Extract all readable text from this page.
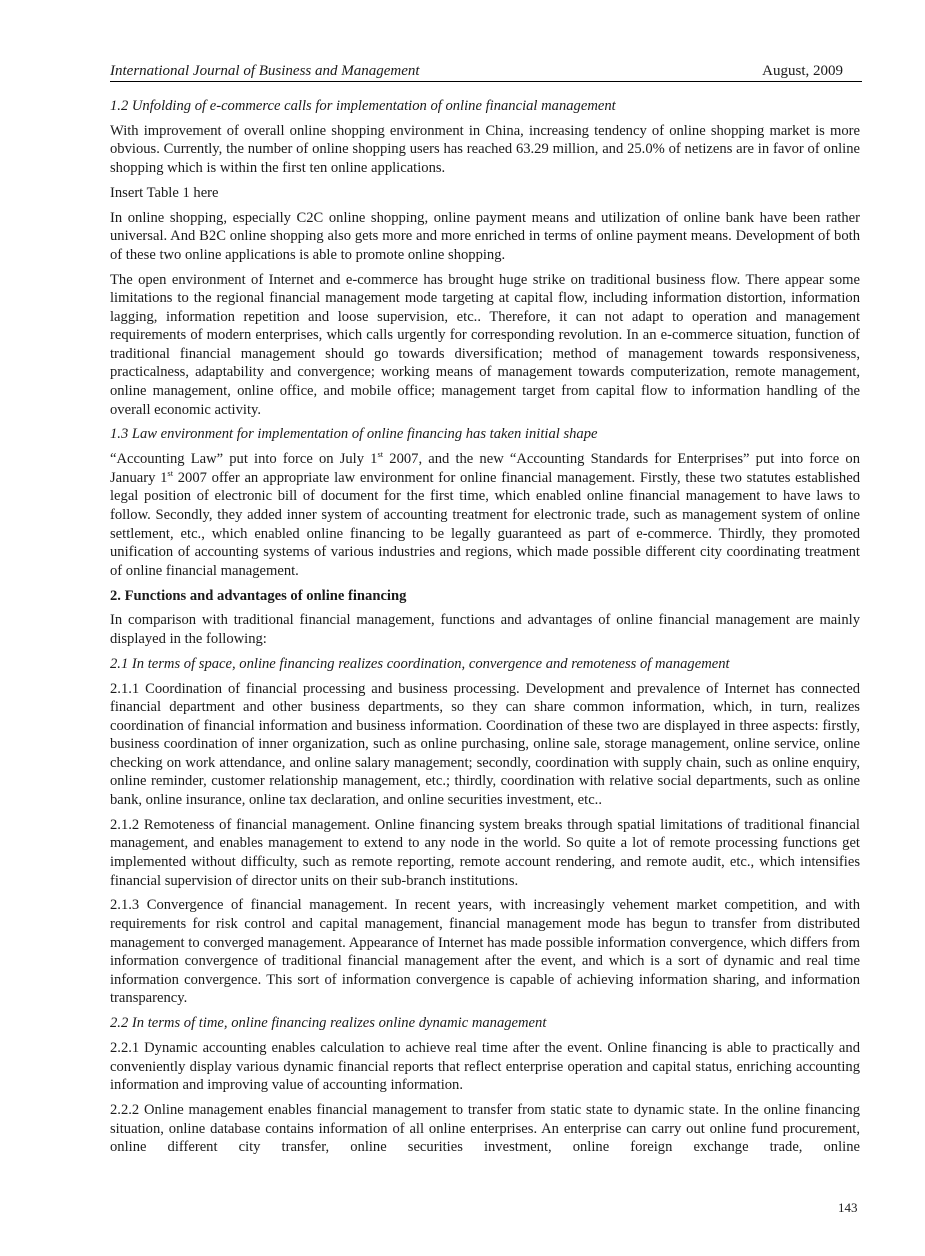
International Journal of Business and Management	August, 2009
1.2 Unfolding of e-commerce calls for implementation of online financial management

With improvement of overall online shopping environment in China, increasing tendency of online shopping market is more obvious. Currently, the number of online shopping users has reached 63.29 million, and 25.0% of netizens are in favor of online shopping which is within the first ten online applications.

Insert Table 1 here

In online shopping, especially C2C online shopping, online payment means and utilization of online bank have been rather universal. And B2C online shopping also gets more and more enriched in terms of online payment means. Development of both of these two online applications is able to promote online shopping.

The open environment of Internet and e-commerce has brought huge strike on traditional business flow. There appear some limitations to the regional financial management mode targeting at capital flow, including information distortion, information lagging, information repetition and loose supervision, etc.. Therefore, it can not adapt to operation and management requirements of modern enterprises, which calls urgently for corresponding revolution. In an e-commerce situation, function of traditional financial management should go towards diversification; method of management towards responsiveness, practicalness, adaptability and convergence; working means of management towards computerization, remote management, online management, online office, and mobile office; management target from capital flow to information handling of the overall economic activity.

1.3 Law environment for implementation of online financing has taken initial shape

“Accounting Law” put into force on July 1st 2007, and the new “Accounting Standards for Enterprises” put into force on January 1st 2007 offer an appropriate law environment for online financial management. Firstly, these two statutes established legal position of electronic bill of document for the first time, which enabled online financial management to have laws to follow. Secondly, they added inner system of accounting treatment for electronic trade, such as management system of online settlement, etc., which enabled online financing to be legally guaranteed as part of e-commerce. Thirdly, they promoted unification of accounting systems of various industries and regions, which made possible different city coordinating treatment of online financial management.

2. Functions and advantages of online financing

In comparison with traditional financial management, functions and advantages of online financial management are mainly displayed in the following:

2.1 In terms of space, online financing realizes coordination, convergence and remoteness of management

2.1.1 Coordination of financial processing and business processing. Development and prevalence of Internet has connected financial department and other business departments, so they can share common information, which, in turn, realizes coordination of financial information and business information. Coordination of these two are displayed in three aspects: firstly, business coordination of inner organization, such as online purchasing, online sale, storage management, online service, online checking on work attendance, and online salary management; secondly, coordination with supply chain, such as online enquiry, online reminder, customer relationship management, etc.; thirdly, coordination with relative social departments, such as online bank, online insurance, online tax declaration, and online securities investment, etc..

2.1.2 Remoteness of financial management. Online financing system breaks through spatial limitations of traditional financial management, and enables management to extend to any node in the world. So quite a lot of remote processing functions get implemented without difficulty, such as remote reporting, remote account rendering, and remote audit, etc., which intensifies financial supervision of director units on their sub-branch institutions.

2.1.3 Convergence of financial management. In recent years, with increasingly vehement market competition, and with requirements for risk control and capital management, financial management mode has begun to transfer from distributed management to converged management. Appearance of Internet has made possible information convergence, which differs from information convergence of traditional financial management after the event, and which is a sort of dynamic and real time information convergence. This sort of information convergence is capable of achieving information sharing, and information transparency.

2.2 In terms of time, online financing realizes online dynamic management

2.2.1 Dynamic accounting enables calculation to achieve real time after the event. Online financing is able to practically and conveniently display various dynamic financial reports that reflect enterprise operation and capital status, enriching accounting information and improving value of accounting information.

2.2.2 Online management enables financial management to transfer from static state to dynamic state. In the online financing situation, online database contains information of all online enterprises. An enterprise can carry out online fund procurement, online different city transfer, online securities investment, online foreign exchange trade, online

143
